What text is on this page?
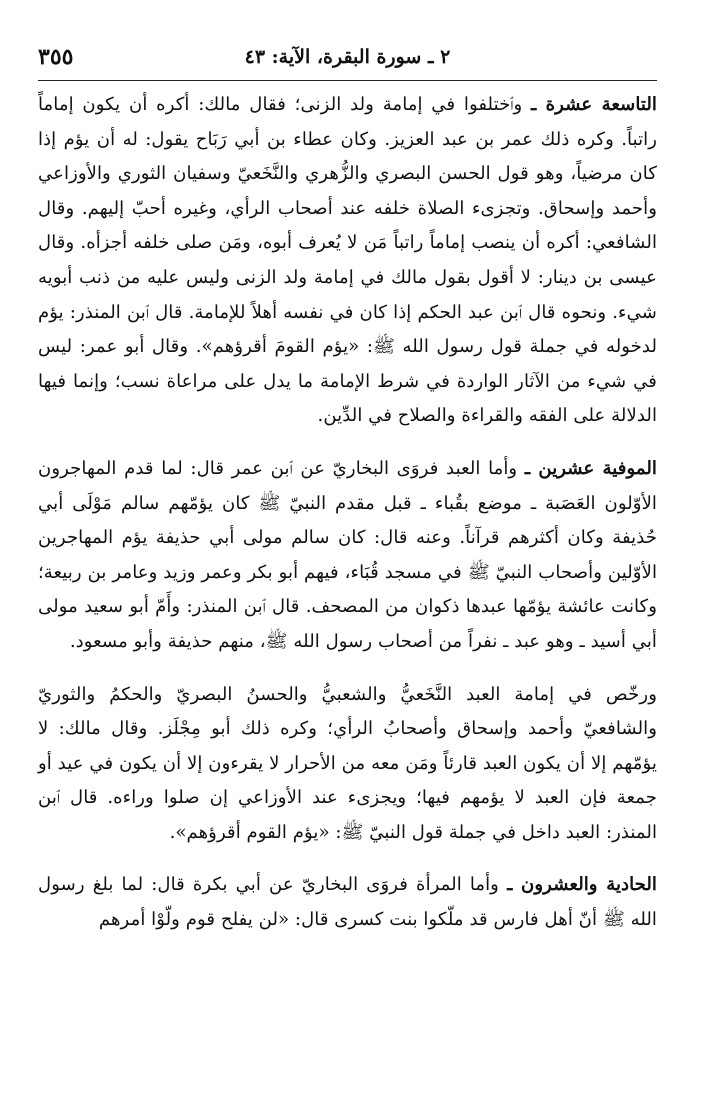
٢ ـ سورة البقرة، الآية: ٤٣
٣٥٥

التاسعة عشرة ـ وٱختلفوا في إمامة ولد الزنى؛ فقال مالك: أكره أن يكون إماماً راتباً. وكره ذلك عمر بن عبد العزيز. وكان عطاء بن أبي رَبَاح يقول: له أن يؤم إذا كان مرضياً، وهو قول الحسن البصري والزُّهري والنَّخَعيّ وسفيان الثوري والأوزاعي وأحمد وإسحاق. وتجزىء الصلاة خلفه عند أصحاب الرأي، وغيره أحبّ إليهم. وقال الشافعي: أكره أن ينصب إماماً راتباً مَن لا يُعرف أبوه، ومَن صلى خلفه أجزأه. وقال عيسى بن دينار: لا أقول بقول مالك في إمامة ولد الزنى وليس عليه من ذنب أبويه شيء. ونحوه قال ٱبن عبد الحكم إذا كان في نفسه أهلاً للإمامة. قال ٱبن المنذر: يؤم لدخوله في جملة قول رسول الله ﷺ: «يؤم القومَ أقرؤهم». وقال أبو عمر: ليس في شيء من الآثار الواردة في شرط الإمامة ما يدل على مراعاة نسب؛ وإنما فيها الدلالة على الفقه والقراءة والصلاح في الدِّين.

الموفية عشرين ـ وأما العبد فروَى البخاريّ عن ٱبن عمر قال: لما قدم المهاجرون الأوّلون العَصَبة ـ موضع بقُباء ـ قبل مقدم النبيّ ﷺ كان يؤمّهم سالم مَوْلَى أبي حُذيفة وكان أكثرهم قرآناً. وعنه قال: كان سالم مولى أبي حذيفة يؤم المهاجرين الأوّلين وأصحاب النبيّ ﷺ في مسجد قُبَاء، فيهم أبو بكر وعمر وزيد وعامر بن ربيعة؛ وكانت عائشة يؤمّها عبدها ذكوان من المصحف. قال ٱبن المنذر: وأَمّ أبو سعيد مولى أبي أسيد ـ وهو عبد ـ نفراً من أصحاب رسول الله ﷺ، منهم حذيفة وأبو مسعود.

ورخّص في إمامة العبد النَّخَعيُّ والشعبيُّ والحسنُ البصريّ والحكمُ والثوريّ والشافعيّ وأحمد وإسحاق وأصحابُ الرأي؛ وكره ذلك أبو مِجْلَز. وقال مالك: لا يؤمّهم إلا أن يكون العبد قارئاً ومَن معه من الأحرار لا يقرءون إلا أن يكون في عيد أو جمعة فإن العبد لا يؤمهم فيها؛ ويجزىء عند الأوزاعي إن صلوا وراءه. قال ٱبن المنذر: العبد داخل في جملة قول النبيّ ﷺ: «يؤم القوم أقرؤهم».

الحادية والعشرون ـ وأما المرأة فروَى البخاريّ عن أبي بكرة قال: لما بلغ رسول الله ﷺ أنّ أهل فارس قد ملّكوا بنت كسرى قال: «لن يفلح قوم ولّوْا أمرهم
